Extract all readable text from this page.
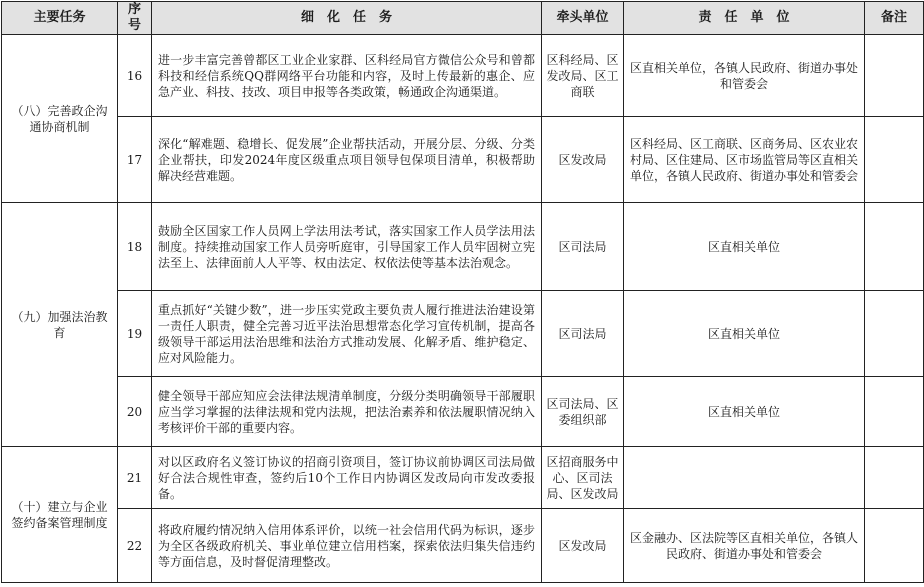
主要任务	序号	细　化　任　务	牵头单位	责　任　单　位	备注
（八）完善政企沟通协商机制	16	进一步丰富完善曾都区工业企业家群、区科经局官方微信公众号和曾都科技和经信系统QQ群网络平台功能和内容，及时上传最新的惠企、应急产业、科技、技改、项目申报等各类政策，畅通政企沟通渠道。	区科经局、区发改局、区工商联	区直相关单位，各镇人民政府、街道办事处和管委会	
	17	深化“解难题、稳增长、促发展”企业帮扶活动，开展分层、分级、分类企业帮扶，印发2024年度区级重点项目领导包保项目清单，积极帮助解决经营难题。	区发改局	区科经局、区工商联、区商务局、区农业农村局、区住建局、区市场监管局等区直相关单位，各镇人民政府、街道办事处和管委会	
（九）加强法治教育	18	鼓励全区国家工作人员网上学法用法考试，落实国家工作人员学法用法制度。持续推动国家工作人员旁听庭审，引导国家工作人员牢固树立宪法至上、法律面前人人平等、权由法定、权依法使等基本法治观念。	区司法局	区直相关单位	
	19	重点抓好“关键少数”，进一步压实党政主要负责人履行推进法治建设第一责任人职责，健全完善习近平法治思想常态化学习宣传机制，提高各级领导干部运用法治思维和法治方式推动发展、化解矛盾、维护稳定、应对风险能力。	区司法局	区直相关单位	
	20	健全领导干部应知应会法律法规清单制度，分级分类明确领导干部履职应当学习掌握的法律法规和党内法规，把法治素养和依法履职情况纳入考核评价干部的重要内容。	区司法局、区委组织部	区直相关单位	
（十）建立与企业签约备案管理制度	21	对以区政府名义签订协议的招商引资项目，签订协议前协调区司法局做好合法合规性审查，签约后10个工作日内协调区发改局向市发改委报备。	区招商服务中心、区司法局、区发改局		
	22	将政府履约情况纳入信用体系评价，以统一社会信用代码为标识，逐步为全区各级政府机关、事业单位建立信用档案，探索依法归集失信违约等方面信息，及时督促清理整改。	区发改局	区金融办、区法院等区直相关单位，各镇人民政府、街道办事处和管委会	
